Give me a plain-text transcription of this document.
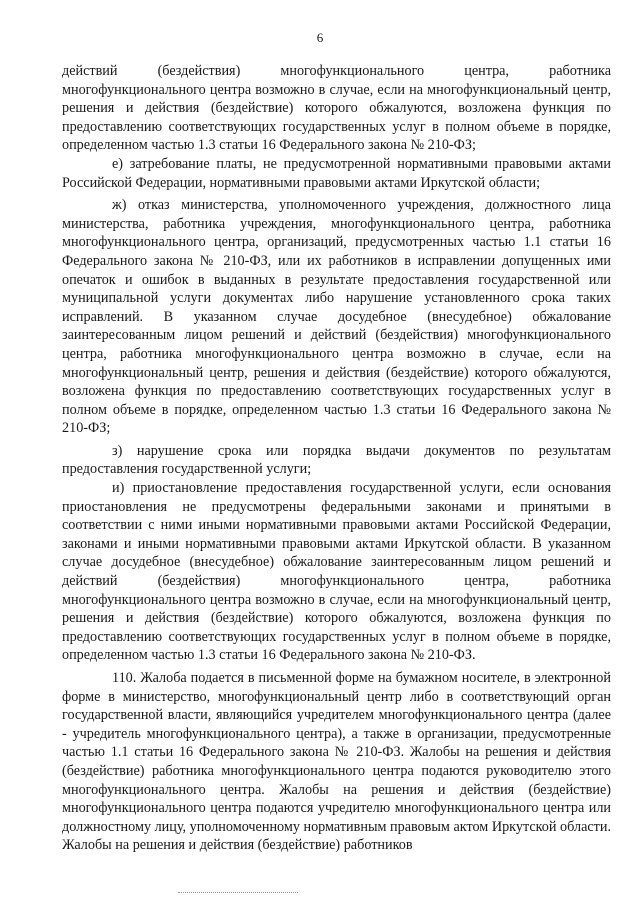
6

действий (бездействия) многофункционального центра, работника многофункционального центра возможно в случае, если на многофункциональный центр, решения и действия (бездействие) которого обжалуются, возложена функция по предоставлению соответствующих государственных услуг в полном объеме в порядке, определенном частью 1.3 статьи 16 Федерального закона № 210-ФЗ;

е) затребование платы, не предусмотренной нормативными правовыми актами Российской Федерации, нормативными правовыми актами Иркутской области;

ж) отказ министерства, уполномоченного учреждения, должностного лица министерства, работника учреждения, многофункционального центра, работника многофункционального центра, организаций, предусмотренных частью 1.1 статьи 16 Федерального закона № 210-ФЗ, или их работников в исправлении допущенных ими опечаток и ошибок в выданных в результате предоставления государственной или муниципальной услуги документах либо нарушение установленного срока таких исправлений. В указанном случае досудебное (внесудебное) обжалование заинтересованным лицом решений и действий (бездействия) многофункционального центра, работника многофункционального центра возможно в случае, если на многофункциональный центр, решения и действия (бездействие) которого обжалуются, возложена функция по предоставлению соответствующих государственных услуг в полном объеме в порядке, определенном частью 1.3 статьи 16 Федерального закона № 210-ФЗ;

з) нарушение срока или порядка выдачи документов по результатам предоставления государственной услуги;

и) приостановление предоставления государственной услуги, если основания приостановления не предусмотрены федеральными законами и принятыми в соответствии с ними иными нормативными правовыми актами Российской Федерации, законами и иными нормативными правовыми актами Иркутской области. В указанном случае досудебное (внесудебное) обжалование заинтересованным лицом решений и действий (бездействия) многофункционального центра, работника многофункционального центра возможно в случае, если на многофункциональный центр, решения и действия (бездействие) которого обжалуются, возложена функция по предоставлению соответствующих государственных услуг в полном объеме в порядке, определенном частью 1.3 статьи 16 Федерального закона № 210-ФЗ.

110. Жалоба подается в письменной форме на бумажном носителе, в электронной форме в министерство, многофункциональный центр либо в соответствующий орган государственной власти, являющийся учредителем многофункционального центра (далее - учредитель многофункционального центра), а также в организации, предусмотренные частью 1.1 статьи 16 Федерального закона № 210-ФЗ. Жалобы на решения и действия (бездействие) работника многофункционального центра подаются руководителю этого многофункционального центра. Жалобы на решения и действия (бездействие) многофункционального центра подаются учредителю многофункционального центра или должностному лицу, уполномоченному нормативным правовым актом Иркутской области. Жалобы на решения и действия (бездействие) работников
